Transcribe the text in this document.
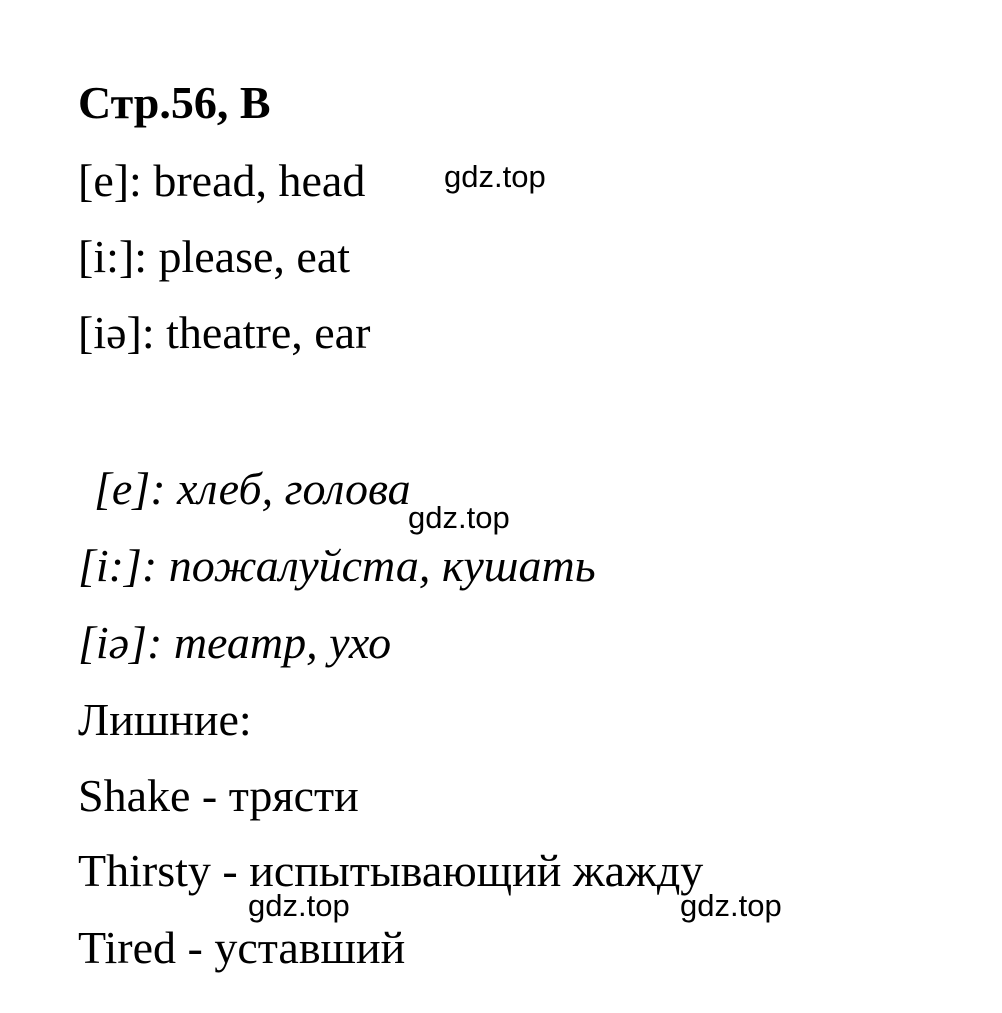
Стр.56, B
[e]: bread, head
[i:]: please, eat
[iə]: theatre, ear
[e]: хлеб, голова
[i:]: пожалуйста, кушать
[iə]: театр, ухо
Лишние:
Shake - трясти
Thirsty - испытывающий жажду
Tired - уставший
gdz.top
gdz.top
gdz.top	gdz.top
